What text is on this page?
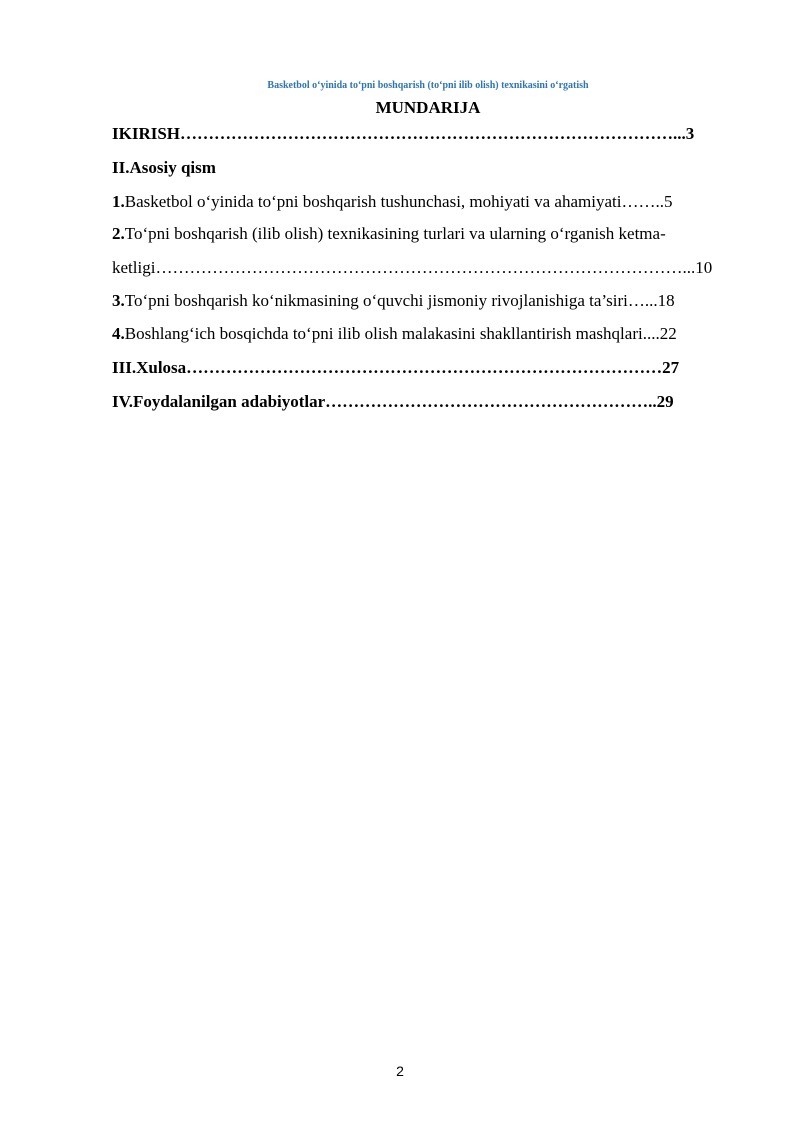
Basketbol o‘yinida to‘pni boshqarish (to‘pni ilib olish) texnikasini o‘rgatish
MUNDARIJA
IKIRISH……………………………………………………………………………...3
II.Asosiy qism
1.Basketbol o‘yinida to‘pni boshqarish tushunchasi, mohiyati va ahamiyati……..5
2.To‘pni boshqarish (ilib olish) texnikasining turlari va ularning o‘rganish ketma-
ketligi…………………………………………………………………………………...10
3.To‘pni boshqarish ko‘nikmasining o‘quvchi jismoniy rivojlanishiga ta’siri…...18
4.Boshlang‘ich bosqichda to‘pni ilib olish malakasini shakllantirish mashqlari....22
III.Xulosa…………………………………………………………………………27
IV.Foydalanilgan adabiyotlar…………………………………………………..29
2
